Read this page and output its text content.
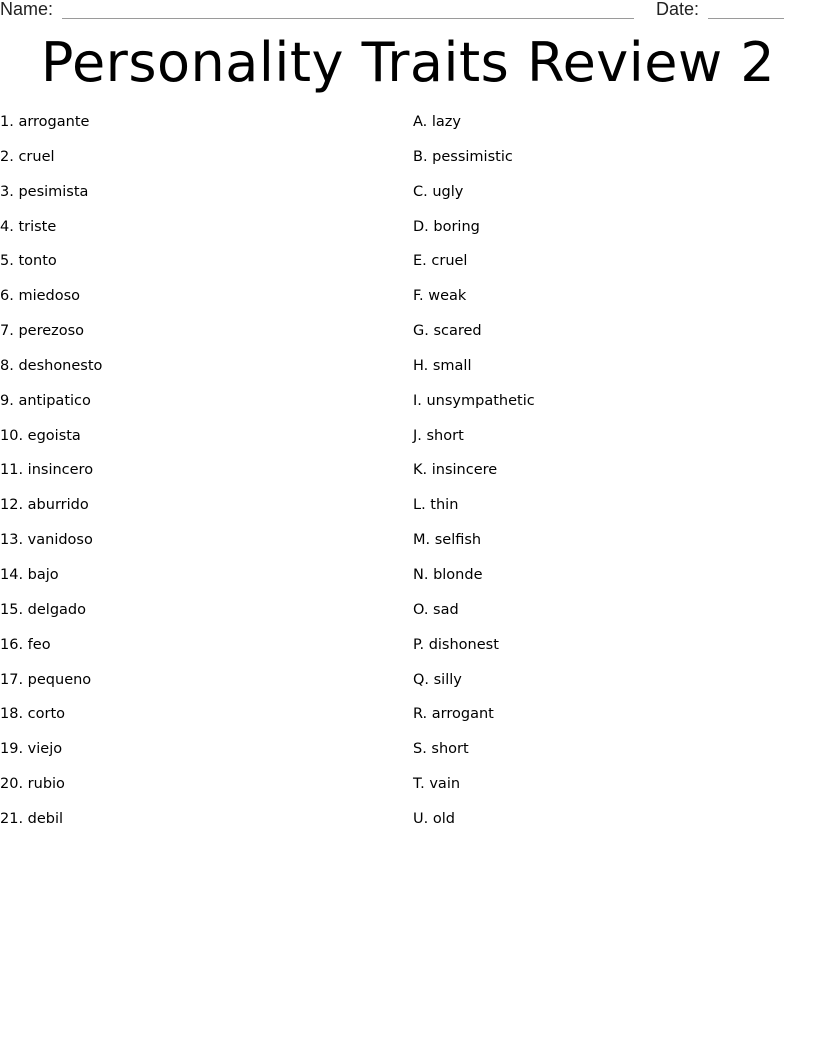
Name:	Date:
Personality Traits Review 2
1. arrogante
2. cruel
3. pesimista
4. triste
5. tonto
6. miedoso
7. perezoso
8. deshonesto
9. antipatico
10. egoista
11. insincero
12. aburrido
13. vanidoso
14. bajo
15. delgado
16. feo
17. pequeno
18. corto
19. viejo
20. rubio
21. debil
A. lazy
B. pessimistic
C. ugly
D. boring
E. cruel
F. weak
G. scared
H. small
I. unsympathetic
J. short
K. insincere
L. thin
M. selfish
N. blonde
O. sad
P. dishonest
Q. silly
R. arrogant
S. short
T. vain
U. old
